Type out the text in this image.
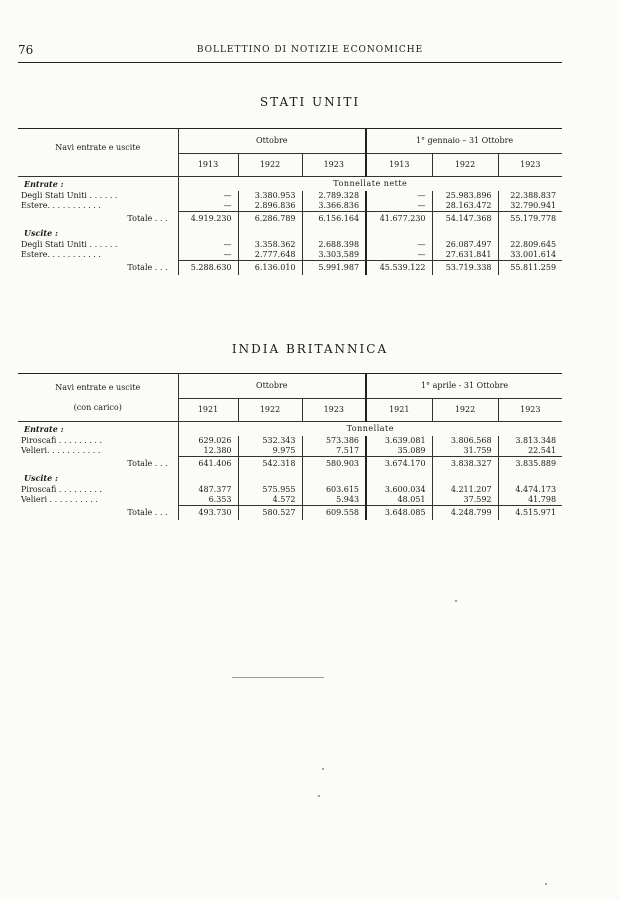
76	BOLLETTINO DI NOTIZIE ECONOMICHE
STATI UNITI
Navi entrate e uscite	Ottobre			1° gennaio – 31 Ottobre		
	1913	1922	1923	1913	1922	1923
Entrate :	Tonnellate nette					
Degli Stati Uniti . . . . . .	—	3.380.953	2.789.328	—	25.983.896	22.388.837
Estere. . . . . . . . . . .	—	2.896.836	3.366.836	—	28.163.472	32.790.941
Totale . . .	4.919.230	6.286.789	6.156.164	41.677.230	54.147.368	55.179.778
Uscite :						
Degli Stati Uniti . . . . . .	—	3.358.362	2.688.398	—	26.087.497	22.809.645
Estere. . . . . . . . . . .	—	2.777.648	3.303.589	—	27.631.841	33.001.614
Totale . . .	5.288.630	6.136.010	5.991.987	45.539.122	53.719.338	55.811.259
INDIA BRITANNICA
Navi entrate e uscite
(con carico)	Ottobre			1° aprile - 31 Ottobre		
	1921	1922	1923	1921	1922	1923
Entrate :	Tonnellate					
Piroscafi . . . . . . . . .	629.026	532.343	573.386	3.639.081	3.806.568	3.813.348
Velieri. . . . . . . . . . .	12.380	9.975	7.517	35.089	31.759	22.541
Totale . . .	641.406	542.318	580.903	3.674.170	3.838.327	3.835.889
Uscite :						
Piroscafi . . . . . . . . .	487.377	575.955	603.615	3.600.034	4.211.207	4.474.173
Velieri . . . . . . . . . .	6.353	4.572	5.943	48.051	37.592	41.798
Totale . . .	493.730	580.527	609.558	3.648.085	4.248.799	4.515.971
